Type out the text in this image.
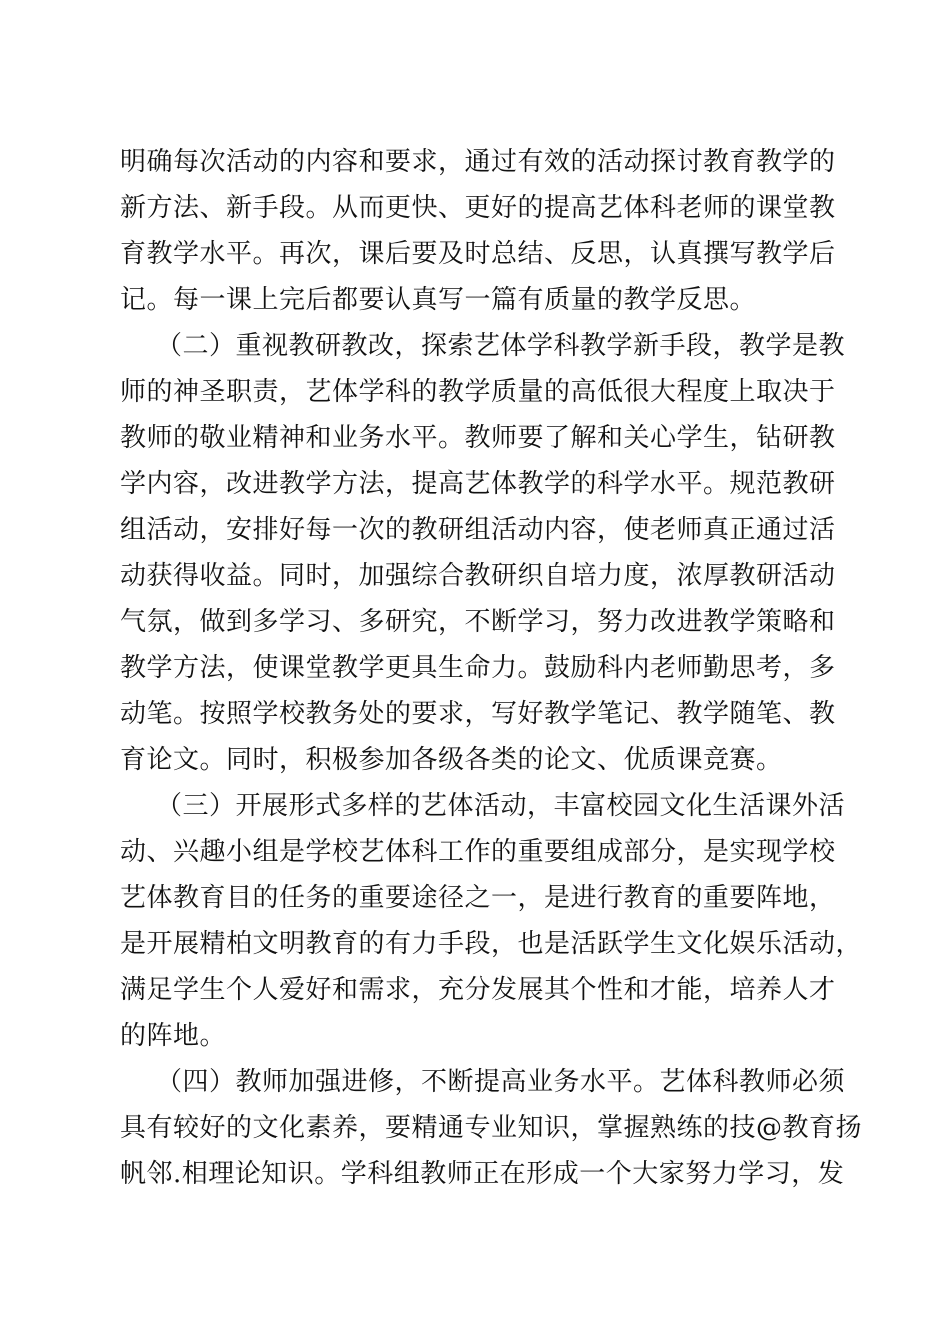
明确每次活动的内容和要求，通过有效的活动探讨教育教学的
新方法、新手段。从而更快、更好的提高艺体科老师的课堂教
育教学水平。再次，课后要及时总结、反思，认真撰写教学后
记。每一课上完后都要认真写一篇有质量的教学反思。
（二）重视教研教改，探索艺体学科教学新手段，教学是教
师的神圣职责，艺体学科的教学质量的高低很大程度上取决于
教师的敬业精神和业务水平。教师要了解和关心学生，钻研教
学内容，改进教学方法，提高艺体教学的科学水平。规范教研
组活动，安排好每一次的教研组活动内容，使老师真正通过活
动获得收益。同时，加强综合教研织自培力度，浓厚教研活动
气氛，做到多学习、多研究，不断学习，努力改进教学策略和
教学方法，使课堂教学更具生命力。鼓励科内老师勤思考，多
动笔。按照学校教务处的要求，写好教学笔记、教学随笔、教
育论文。同时，积极参加各级各类的论文、优质课竞赛。
（三）开展形式多样的艺体活动，丰富校园文化生活课外活
动、兴趣小组是学校艺体科工作的重要组成部分，是实现学校
艺体教育目的任务的重要途径之一，是进行教育的重要阵地，
是开展精柏文明教育的有力手段，也是活跃学生文化娱乐活动，
满足学生个人爱好和需求，充分发展其个性和才能，培养人才
的阵地。
（四）教师加强进修，不断提高业务水平。艺体科教师必须
具有较好的文化素养，要精通专业知识，掌握熟练的技@教育扬
帆邻.相理论知识。学科组教师正在形成一个大家努力学习，发
